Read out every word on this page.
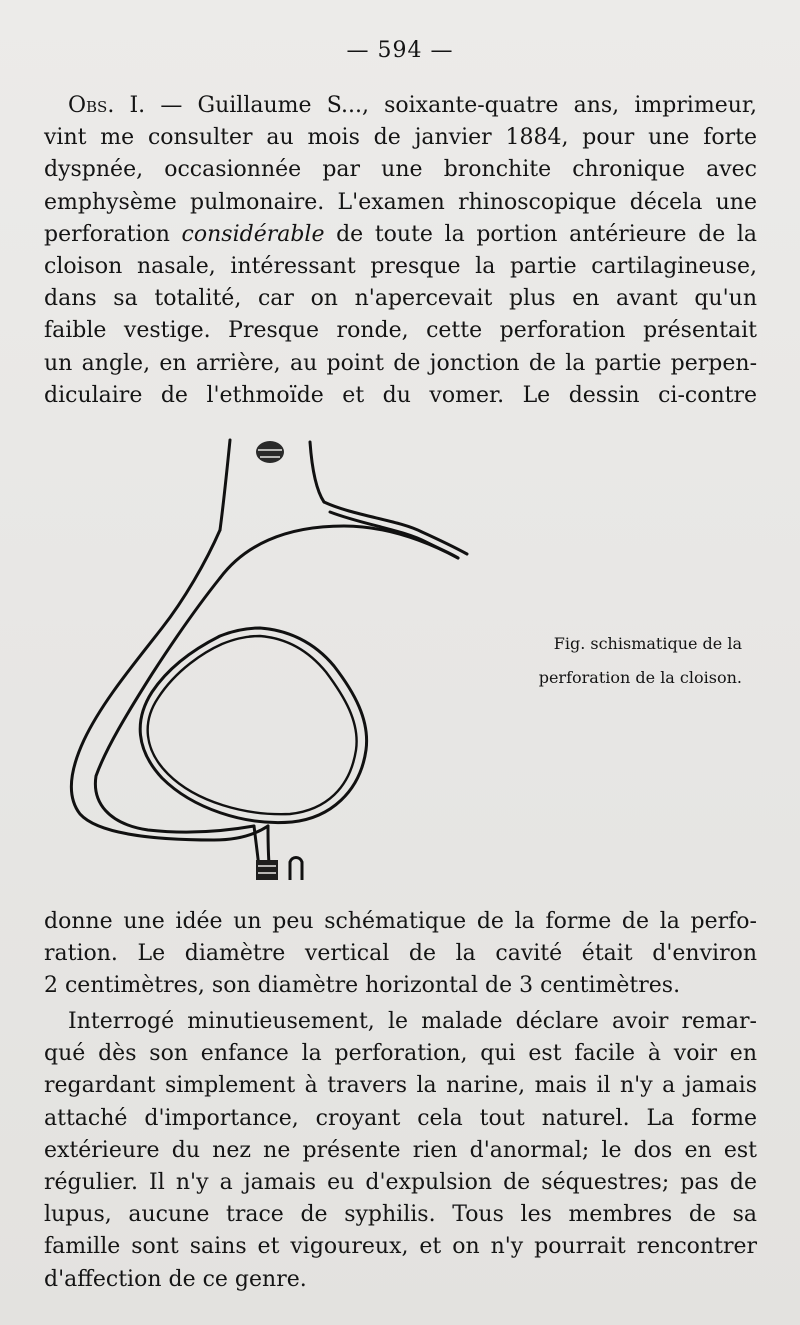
— 594 —
Obs. I. — Guillaume S..., soixante-quatre ans, imprimeur,
vint me consulter au mois de janvier 1884, pour une forte
dyspnée, occasionnée par une bronchite chronique avec
emphysème pulmonaire. L'examen rhinoscopique décela une
perforation considérable de toute la portion antérieure de la
cloison nasale, intéressant presque la partie cartilagineuse,
dans sa totalité, car on n'apercevait plus en avant qu'un
faible vestige. Presque ronde, cette perforation présentait
un angle, en arrière, au point de jonction de la partie perpen-
diculaire de l'ethmoïde et du vomer. Le dessin ci-contre
Fig. schismatique de la
perforation de la cloison.
donne une idée un peu schématique de la forme de la perfo-
ration. Le diamètre vertical de la cavité était d'environ
2 centimètres, son diamètre horizontal de 3 centimètres.
Interrogé minutieusement, le malade déclare avoir remar-
qué dès son enfance la perforation, qui est facile à voir en
regardant simplement à travers la narine, mais il n'y a jamais
attaché d'importance, croyant cela tout naturel. La forme
extérieure du nez ne présente rien d'anormal; le dos en est
régulier. Il n'y a jamais eu d'expulsion de séquestres; pas de
lupus, aucune trace de syphilis. Tous les membres de sa
famille sont sains et vigoureux, et on n'y pourrait rencontrer
d'affection de ce genre.
